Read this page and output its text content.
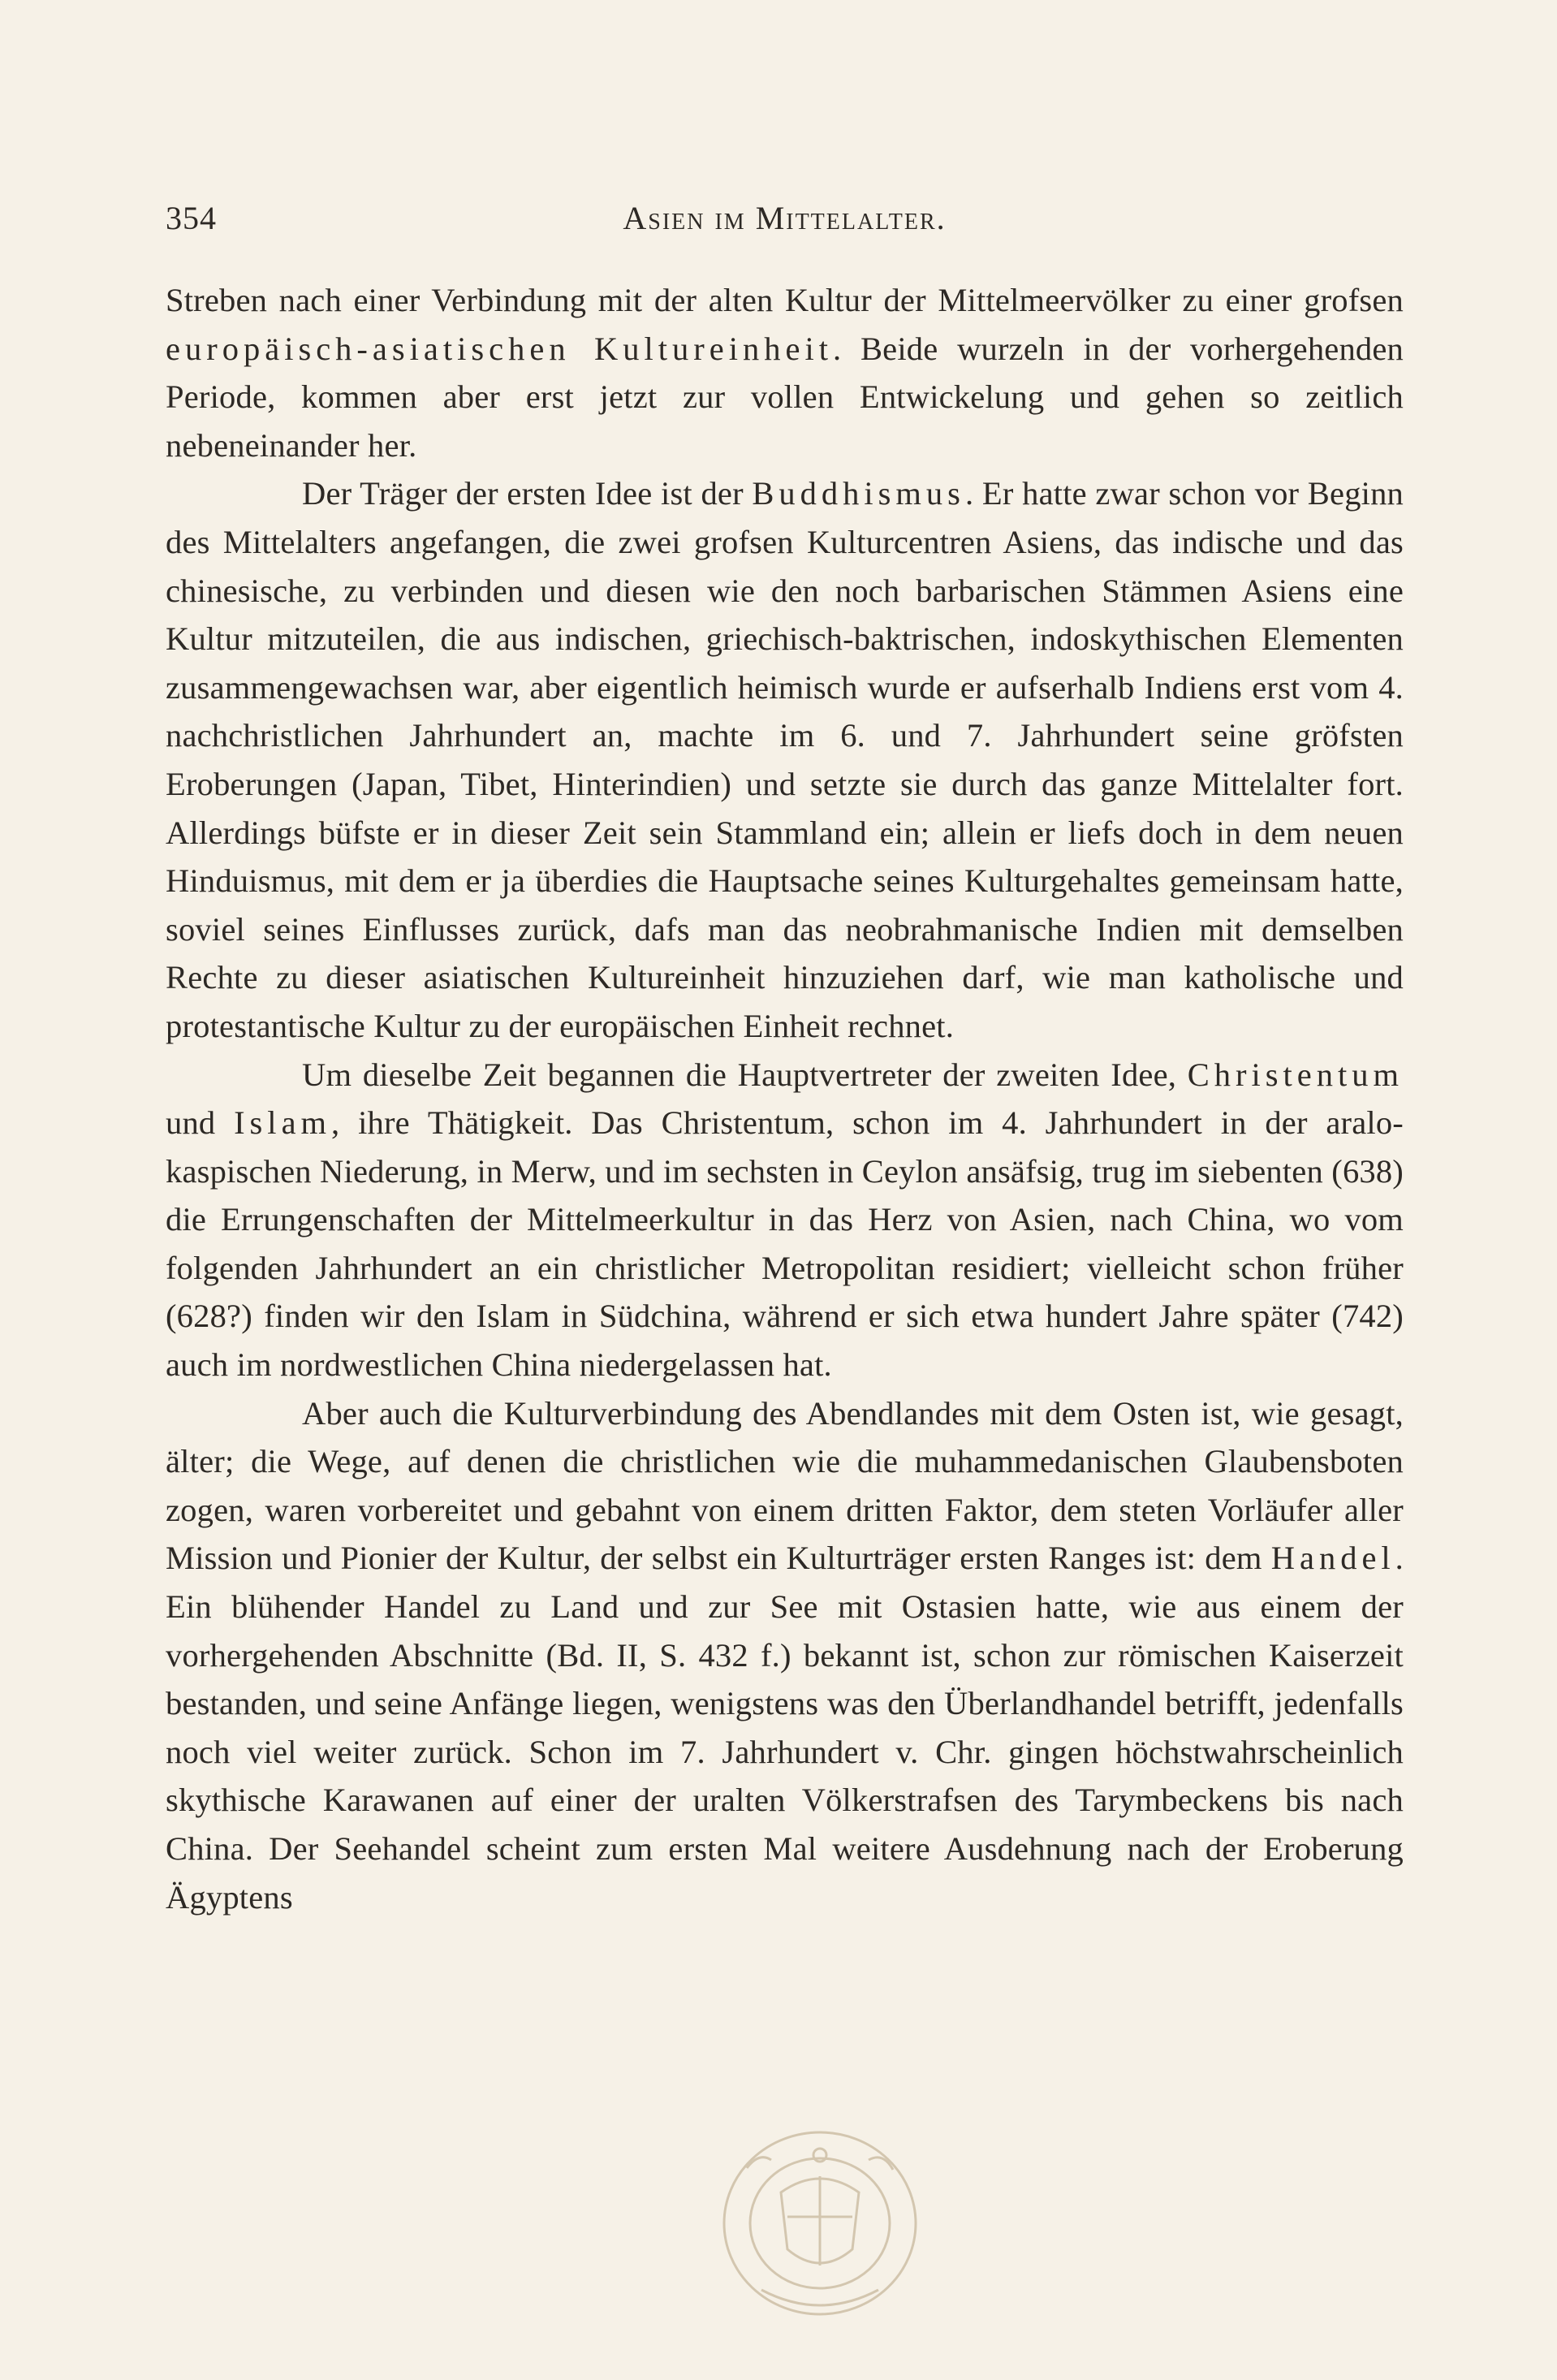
354	Asien im Mittelalter.

Streben nach einer Verbindung mit der alten Kultur der Mittelmeervölker zu einer grofsen europäisch-asiatischen Kultureinheit. Beide wurzeln in der vorhergehenden Periode, kommen aber erst jetzt zur vollen Entwickelung und gehen so zeitlich nebeneinander her.

Der Träger der ersten Idee ist der Buddhismus. Er hatte zwar schon vor Beginn des Mittelalters angefangen, die zwei grofsen Kulturcentren Asiens, das indische und das chinesische, zu verbinden und diesen wie den noch barbarischen Stämmen Asiens eine Kultur mitzuteilen, die aus indischen, griechisch-baktrischen, indoskythischen Elementen zusammengewachsen war, aber eigentlich heimisch wurde er aufserhalb Indiens erst vom 4. nachchristlichen Jahrhundert an, machte im 6. und 7. Jahrhundert seine gröfsten Eroberungen (Japan, Tibet, Hinterindien) und setzte sie durch das ganze Mittelalter fort. Allerdings büfste er in dieser Zeit sein Stammland ein; allein er liefs doch in dem neuen Hinduismus, mit dem er ja überdies die Hauptsache seines Kulturgehaltes gemeinsam hatte, soviel seines Einflusses zurück, dafs man das neobrahmanische Indien mit demselben Rechte zu dieser asiatischen Kultureinheit hinzuziehen darf, wie man katholische und protestantische Kultur zu der europäischen Einheit rechnet.

Um dieselbe Zeit begannen die Hauptvertreter der zweiten Idee, Christentum und Islam, ihre Thätigkeit. Das Christentum, schon im 4. Jahrhundert in der aralo-kaspischen Niederung, in Merw, und im sechsten in Ceylon ansäfsig, trug im siebenten (638) die Errungenschaften der Mittelmeerkultur in das Herz von Asien, nach China, wo vom folgenden Jahrhundert an ein christlicher Metropolitan residiert; vielleicht schon früher (628?) finden wir den Islam in Südchina, während er sich etwa hundert Jahre später (742) auch im nordwestlichen China niedergelassen hat.

Aber auch die Kulturverbindung des Abendlandes mit dem Osten ist, wie gesagt, älter; die Wege, auf denen die christlichen wie die muhammedanischen Glaubensboten zogen, waren vorbereitet und gebahnt von einem dritten Faktor, dem steten Vorläufer aller Mission und Pionier der Kultur, der selbst ein Kulturträger ersten Ranges ist: dem Handel. Ein blühender Handel zu Land und zur See mit Ostasien hatte, wie aus einem der vorhergehenden Abschnitte (Bd. II, S. 432 f.) bekannt ist, schon zur römischen Kaiserzeit bestanden, und seine Anfänge liegen, wenigstens was den Überlandhandel betrifft, jedenfalls noch viel weiter zurück. Schon im 7. Jahrhundert v. Chr. gingen höchstwahrscheinlich skythische Karawanen auf einer der uralten Völkerstrafsen des Tarymbeckens bis nach China. Der Seehandel scheint zum ersten Mal weitere Ausdehnung nach der Eroberung Ägyptens
